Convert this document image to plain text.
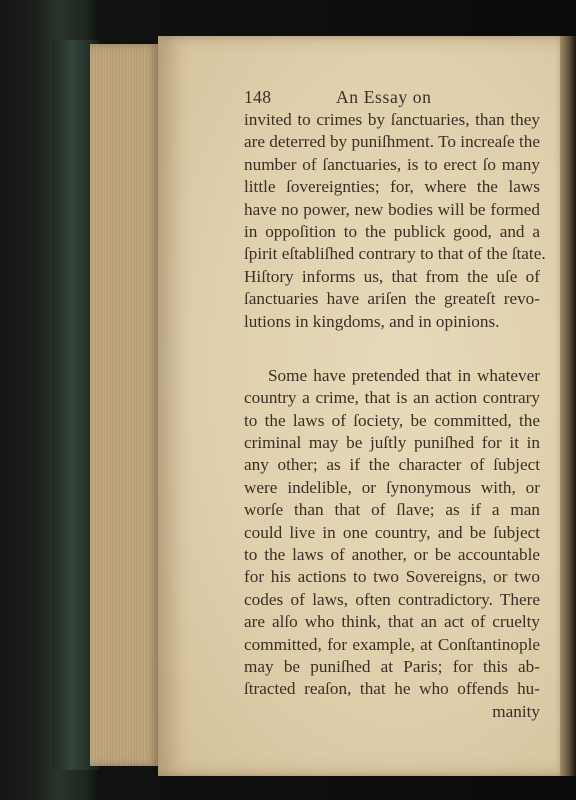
148	An Essay on
invited to crimes by ſanctuaries, than they
are deterred by puniſhment. To increaſe the
number of ſanctuaries, is to erect ſo many
little ſovereignties; for, where the laws
have no power, new bodies will be formed
in oppoſition to the publick good, and a
ſpirit eſtabliſhed contrary to that of the ſtate.
Hiſtory informs us, that from the uſe of
ſanctuaries have ariſen the greateſt revo-
lutions in kingdoms, and in opinions.
Some have pretended that in whatever
country a crime, that is an action contrary
to the laws of ſociety, be committed, the
criminal may be juſtly puniſhed for it in
any other; as if the character of ſubject
were indelible, or ſynonymous with, or
worſe than that of ſlave; as if a man
could live in one country, and be ſubject
to the laws of another, or be accountable
for his actions to two Sovereigns, or two
codes of laws, often contradictory. There
are alſo who think, that an act of cruelty
committed, for example, at Conſtantinople
may be puniſhed at Paris; for this ab-
ſtracted reaſon, that he who offends hu-
manity
